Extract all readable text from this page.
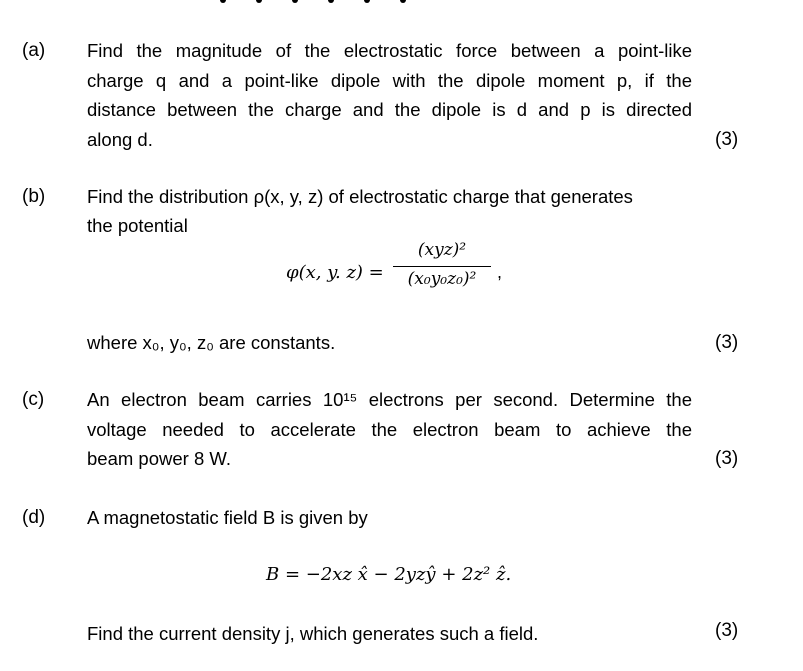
(a) Find the magnitude of the electrostatic force between a point-like
charge q and a point-like dipole with the dipole moment p, if the
distance between the charge and the dipole is d and p is directed
along d.	(3)
(b) Find the distribution ρ(x, y, z) of electrostatic charge that generates
the potential
φ(x, y. z) =
(xyz)²
(x₀y₀z₀)²	,
where x₀, y₀, z₀ are constants.	(3)
(c) An electron beam carries 10¹⁵ electrons per second. Determine the
voltage needed to accelerate the electron beam to achieve the
beam power 8 W.	(3)
(d) A magnetostatic field B is given by
B = −2xz x̂ − 2yzŷ + 2z² ẑ.
Find the current density j, which generates such a field.	(3)
